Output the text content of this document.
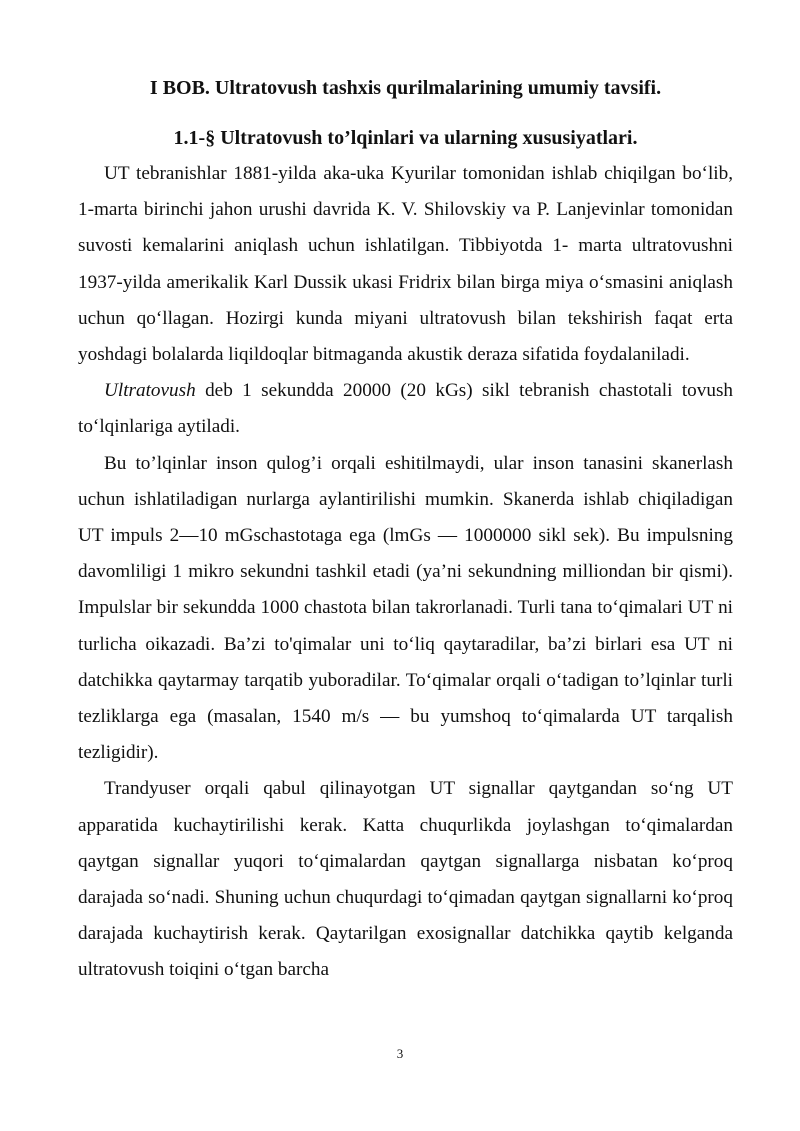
I BOB. Ultratovush tashxis qurilmalarining umumiy tavsifi.
1.1-§ Ultratovush to’lqinlari va ularning xususiyatlari.

UT tebranishlar 1881-yilda aka-uka Kyurilar tomonidan ishlab chiqilgan bo‘lib, 1-marta birinchi jahon urushi davrida K. V. Shilovskiy va P. Lanjevinlar tomonidan suvosti kemalarini aniqlash uchun ishlatilgan. Tibbiyotda 1- marta ultratovushni 1937-yilda amerikalik Karl Dussik ukasi Fridrix bilan birga miya o‘smasini aniqlash uchun qo‘llagan. Hozirgi kunda miyani ultratovush bilan tekshirish faqat erta yoshdagi bolalarda liqildoqlar bitmaganda akustik deraza sifatida foydalaniladi.

Ultratovush deb 1 sekundda 20000 (20 kGs) sikl tebranish chastotali tovush to‘lqinlariga aytiladi.

Bu to’lqinlar inson qulog’i orqali eshitilmaydi, ular inson tanasini skanerlash uchun ishlatiladigan nurlarga aylantirilishi mumkin. Skanerda ishlab chiqiladigan UT impuls 2—10 mGschastotaga ega (lmGs — 1000000 sikl sek). Bu impulsning davomliligi 1 mikro sekundni tashkil etadi (ya’ni sekundning milliondan bir qismi). Impulslar bir sekundda 1000 chastota bilan takrorlanadi. Turli tana to‘qimalari UT ni turlicha oikazadi. Ba’zi to'qimalar uni to‘liq qaytaradilar, ba’zi birlari esa UT ni datchikka qaytarmay tarqatib yuboradilar. To‘qimalar orqali o‘tadigan to’lqinlar turli tezliklarga ega (masalan, 1540 m/s — bu yumshoq to‘qimalarda UT tarqalish tezligidir).

Trandyuser orqali qabul qilinayotgan UT signallar qaytgandan so‘ng UT apparatida kuchaytirilishi kerak. Katta chuqurlikda joylashgan to‘qimalardan qaytgan signallar yuqori to‘qimalardan qaytgan signallarga nisbatan ko‘proq darajada so‘nadi. Shuning uchun chuqurdagi to‘qimadan qaytgan signallarni ko‘proq darajada kuchaytirish kerak. Qaytarilgan exosignallar datchikka qaytib kelganda ultratovush toiqini o‘tgan barcha

3
